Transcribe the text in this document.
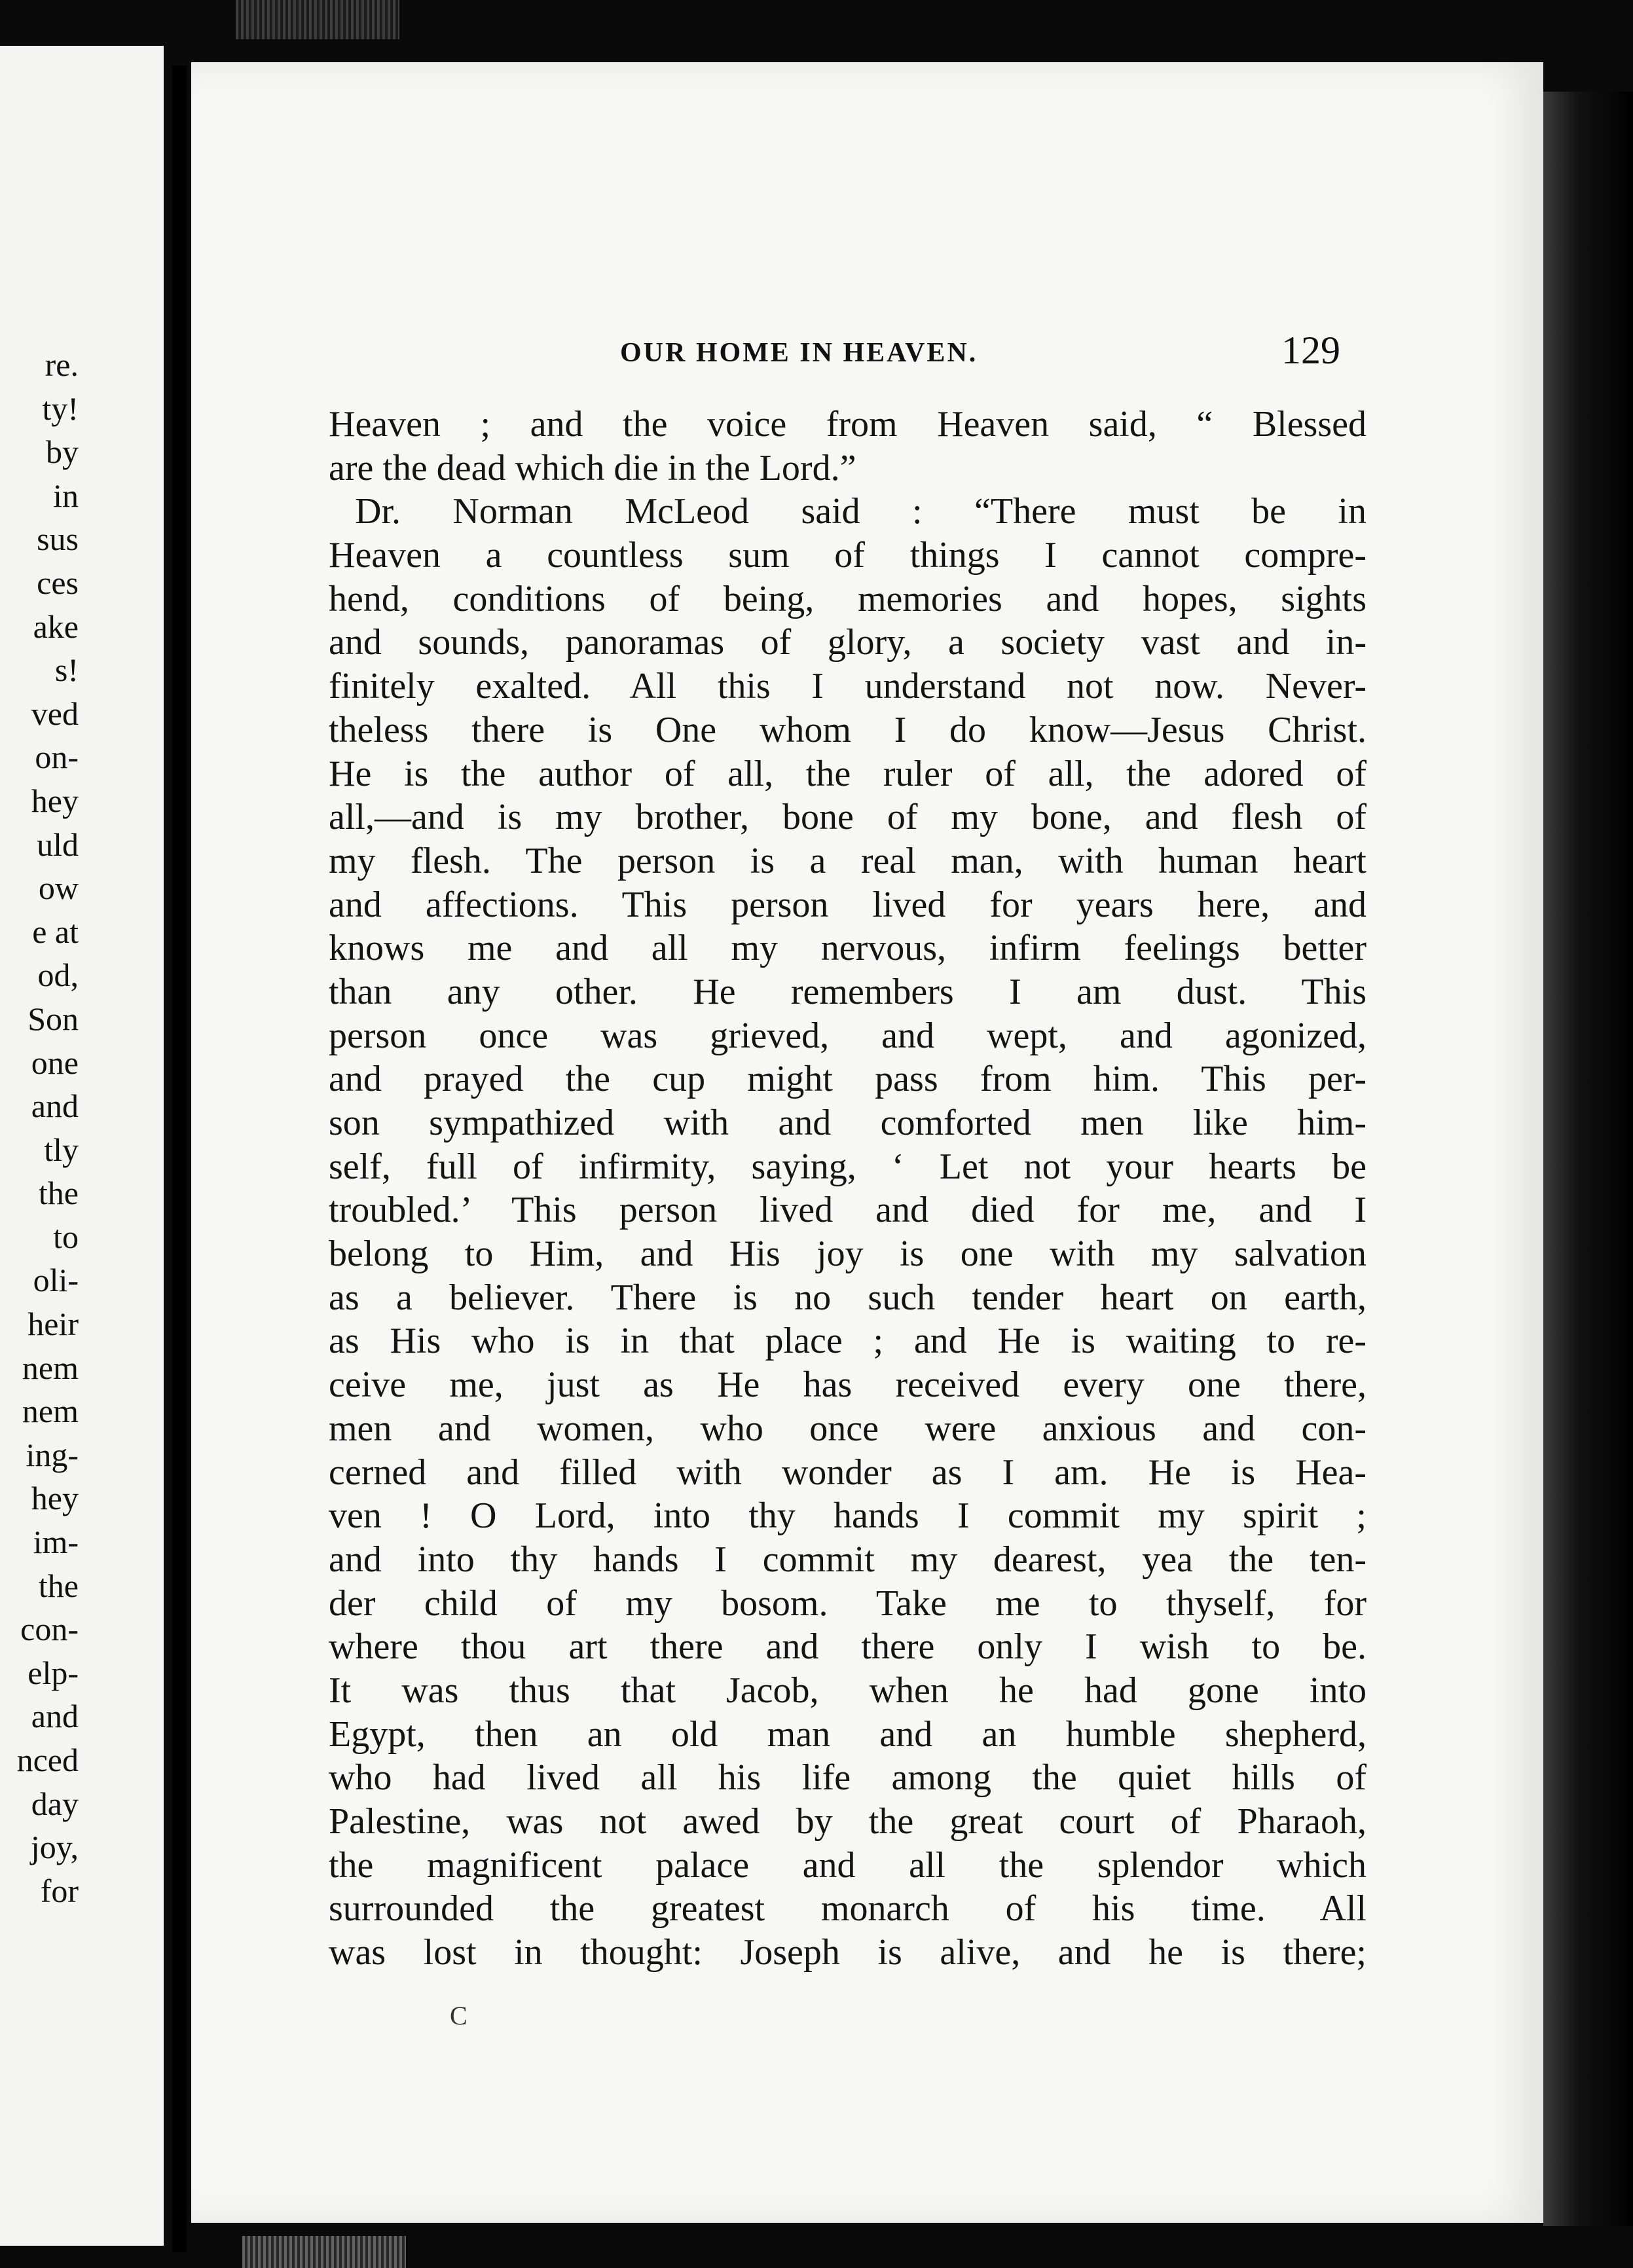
re.
ty!
by
in
sus
ces
ake
s!
ved
on-
hey
uld
ow
e at
od,
Son
one
and
tly
the
to
oli-
heir
nem
nem
ing-
hey
im-
the
con-
elp-
and
nced
day
joy,
for
OUR HOME IN HEAVEN.	129
Heaven ; and the voice from Heaven said, “ Blessed
are the dead which die in the Lord.”
Dr. Norman McLeod said : “There must be in
Heaven a countless sum of things I cannot compre-
hend, conditions of being, memories and hopes, sights
and sounds, panoramas of glory, a society vast and in-
finitely exalted. All this I understand not now. Never-
theless there is One whom I do know—Jesus Christ.
He is the author of all, the ruler of all, the adored of
all,—and is my brother, bone of my bone, and flesh of
my flesh. The person is a real man, with human heart
and affections. This person lived for years here, and
knows me and all my nervous, infirm feelings better
than any other. He remembers I am dust. This
person once was grieved, and wept, and agonized,
and prayed the cup might pass from him. This per-
son sympathized with and comforted men like him-
self, full of infirmity, saying, ‘ Let not your hearts be
troubled.’ This person lived and died for me, and I
belong to Him, and His joy is one with my salvation
as a believer. There is no such tender heart on earth,
as His who is in that place ; and He is waiting to re-
ceive me, just as He has received every one there,
men and women, who once were anxious and con-
cerned and filled with wonder as I am. He is Hea-
ven ! O Lord, into thy hands I commit my spirit ;
and into thy hands I commit my dearest, yea the ten-
der child of my bosom. Take me to thyself, for
where thou art there and there only I wish to be.
It was thus that Jacob, when he had gone into
Egypt, then an old man and an humble shepherd,
who had lived all his life among the quiet hills of
Palestine, was not awed by the great court of Pharaoh,
the magnificent palace and all the splendor which
surrounded the greatest monarch of his time. All
was lost in thought: Joseph is alive, and he is there;
C
